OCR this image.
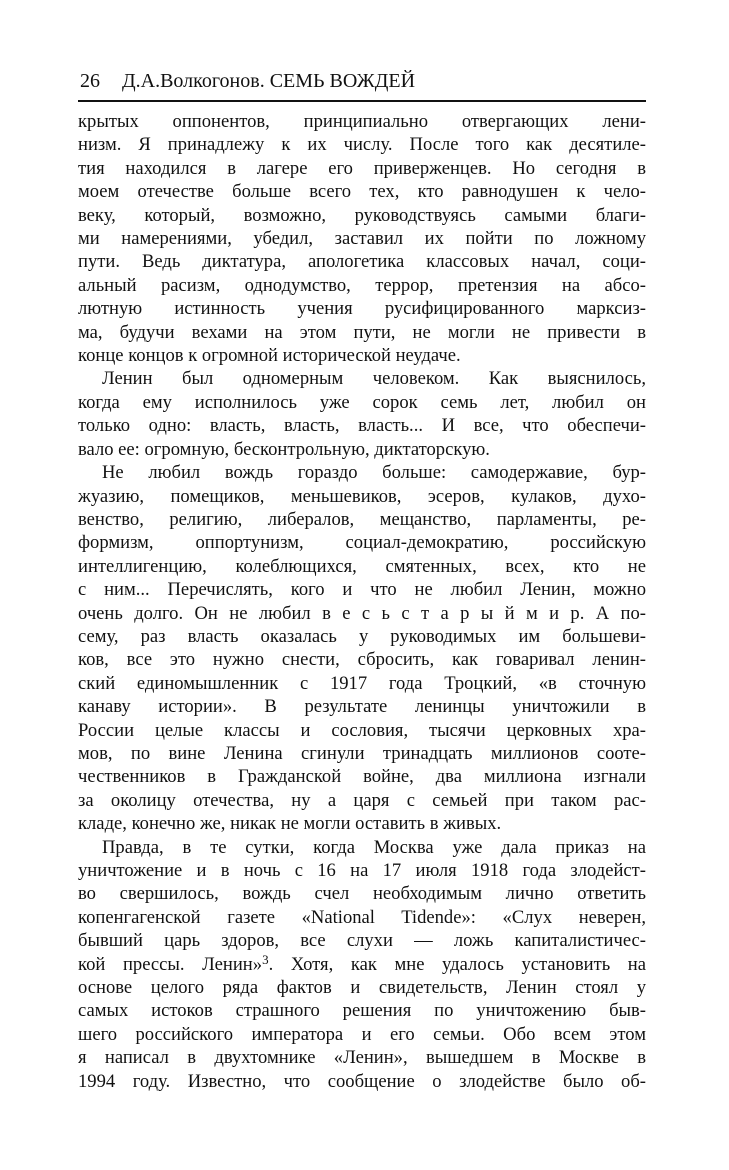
26 Д.А.Волкогонов. СЕМЬ ВОЖДЕЙ
крытых оппонентов, принципиально отвергающих лени-
низм. Я принадлежу к их числу. После того как десятиле-
тия находился в лагере его приверженцев. Но сегодня в
моем отечестве больше всего тех, кто равнодушен к чело-
веку, который, возможно, руководствуясь самыми благи-
ми намерениями, убедил, заставил их пойти по ложному
пути. Ведь диктатура, апологетика классовых начал, соци-
альный расизм, однодумство, террор, претензия на абсо-
лютную истинность учения русифицированного марксиз-
ма, будучи вехами на этом пути, не могли не привести в
конце концов к огромной исторической неудаче.
Ленин был одномерным человеком. Как выяснилось,
когда ему исполнилось уже сорок семь лет, любил он
только одно: власть, власть, власть... И все, что обеспечи-
вало ее: огромную, бесконтрольную, диктаторскую.
Не любил вождь гораздо больше: самодержавие, бур-
жуазию, помещиков, меньшевиков, эсеров, кулаков, духо-
венство, религию, либералов, мещанство, парламенты, ре-
формизм, оппортунизм, социал-демократию, российскую
интеллигенцию, колеблющихся, смятенных, всех, кто не
с ним... Перечислять, кого и что не любил Ленин, можно
очень долго. Он не любил в е с ь с т а р ы й м и р. А по-
сему, раз власть оказалась у руководимых им большеви-
ков, все это нужно снести, сбросить, как говаривал ленин-
ский единомышленник с 1917 года Троцкий, «в сточную
канаву истории». В результате ленинцы уничтожили в
России целые классы и сословия, тысячи церковных хра-
мов, по вине Ленина сгинули тринадцать миллионов сооте-
чественников в Гражданской войне, два миллиона изгнали
за околицу отечества, ну а царя с семьей при таком рас-
кладе, конечно же, никак не могли оставить в живых.
Правда, в те сутки, когда Москва уже дала приказ на
уничтожение и в ночь с 16 на 17 июля 1918 года злодейст-
во свершилось, вождь счел необходимым лично ответить
копенгагенской газете «National Tidende»: «Слух неверен,
бывший царь здоров, все слухи — ложь капиталистичес-
кой прессы. Ленин»$^3$. Хотя, как мне удалось установить на
основе целого ряда фактов и свидетельств, Ленин стоял у
самых истоков страшного решения по уничтожению быв-
шего российского императора и его семьи. Обо всем этом
я написал в двухтомнике «Ленин», вышедшем в Москве в
1994 году. Известно, что сообщение о злодействе было об-
